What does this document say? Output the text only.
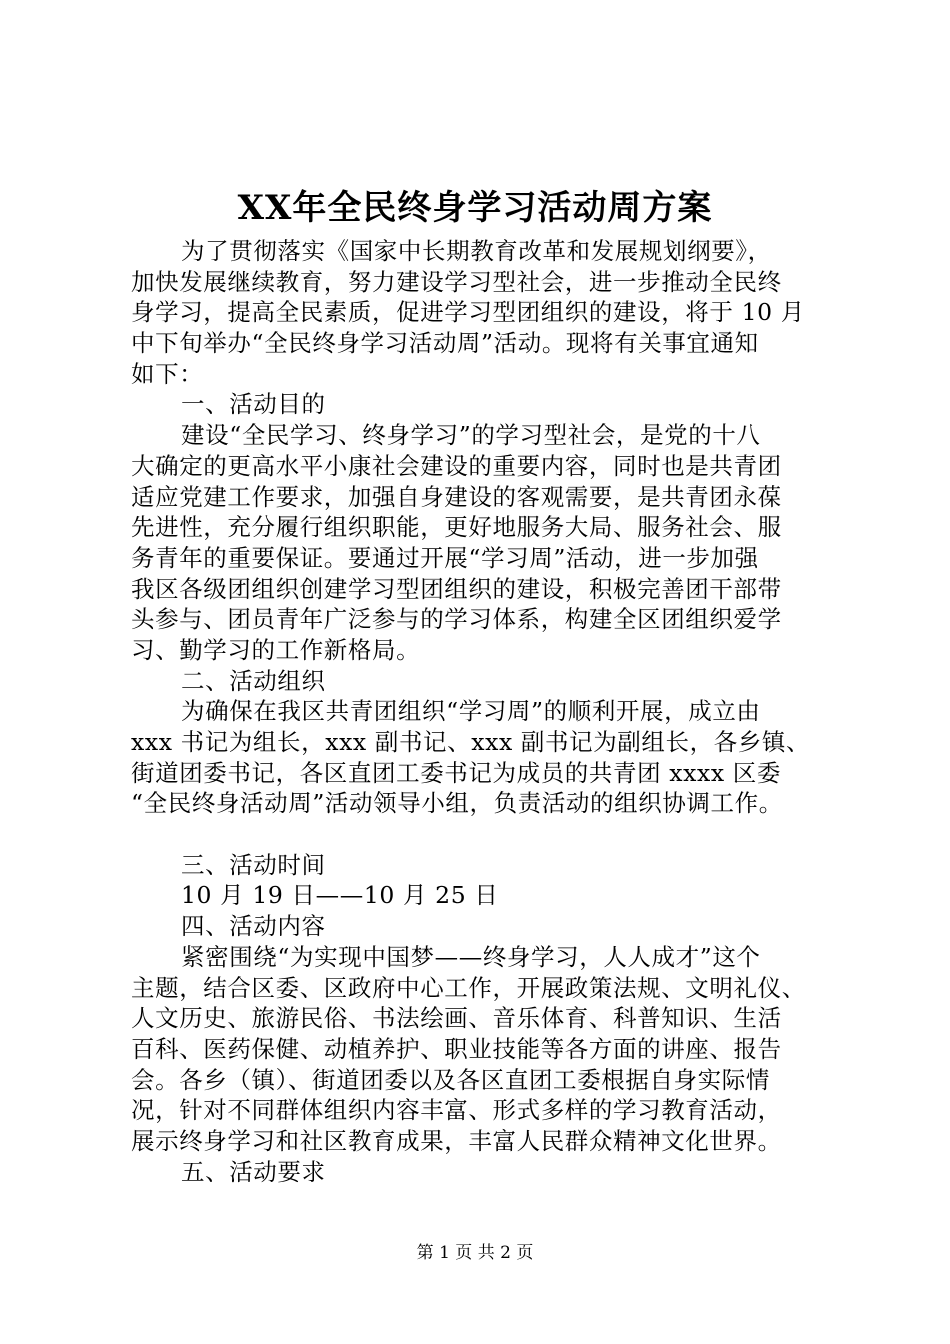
XX年全民终身学习活动周方案
为了贯彻落实《国家中长期教育改革和发展规划纲要》，
加快发展继续教育，努力建设学习型社会，进一步推动全民终
身学习，提高全民素质，促进学习型团组织的建设，将于 10 月
中下旬举办“全民终身学习活动周”活动。现将有关事宜通知
如下：
一、活动目的
建设“全民学习、终身学习”的学习型社会，是党的十八
大确定的更高水平小康社会建设的重要内容，同时也是共青团
适应党建工作要求，加强自身建设的客观需要，是共青团永葆
先进性，充分履行组织职能，更好地服务大局、服务社会、服
务青年的重要保证。要通过开展“学习周”活动，进一步加强
我区各级团组织创建学习型团组织的建设，积极完善团干部带
头参与、团员青年广泛参与的学习体系，构建全区团组织爱学
习、勤学习的工作新格局。
二、活动组织
为确保在我区共青团组织“学习周”的顺利开展，成立由
xxx 书记为组长，xxx 副书记、xxx 副书记为副组长，各乡镇、
街道团委书记，各区直团工委书记为成员的共青团 xxxx 区委
“全民终身活动周”活动领导小组，负责活动的组织协调工作。
三、活动时间
10 月 19 日——10 月 25 日
四、活动内容
紧密围绕“为实现中国梦——终身学习，人人成才”这个
主题，结合区委、区政府中心工作，开展政策法规、文明礼仪、
人文历史、旅游民俗、书法绘画、音乐体育、科普知识、生活
百科、医药保健、动植养护、职业技能等各方面的讲座、报告
会。各乡（镇）、街道团委以及各区直团工委根据自身实际情
况，针对不同群体组织内容丰富、形式多样的学习教育活动，
展示终身学习和社区教育成果，丰富人民群众精神文化世界。
五、活动要求
第 1 页 共 2 页
